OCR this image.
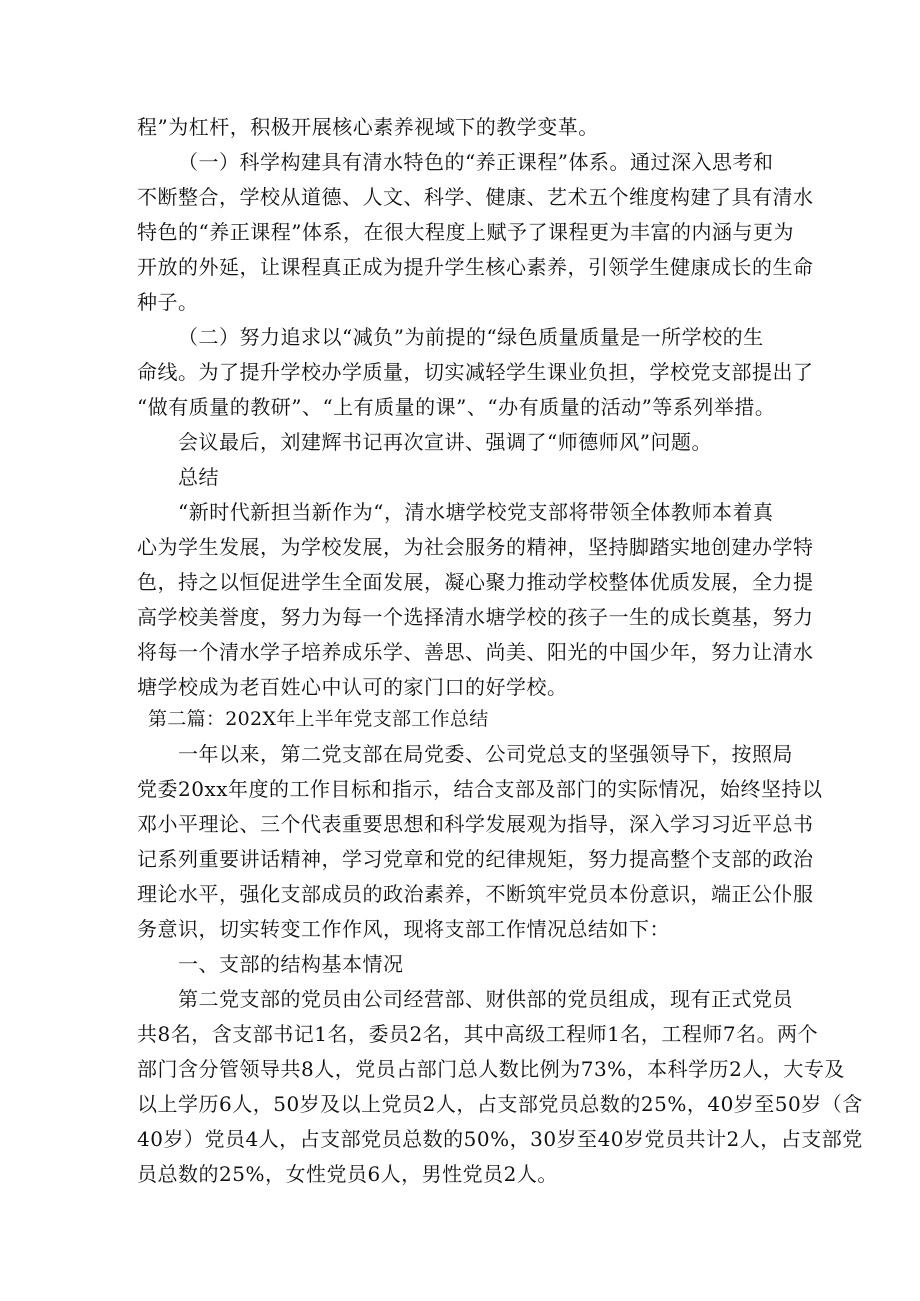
程”为杠杆，积极开展核心素养视域下的教学变革。
（一）科学构建具有清水特色的“养正课程”体系。通过深入思考和
不断整合，学校从道德、人文、科学、健康、艺术五个维度构建了具有清水
特色的“养正课程”体系，在很大程度上赋予了课程更为丰富的内涵与更为
开放的外延，让课程真正成为提升学生核心素养，引领学生健康成长的生命
种子。
（二）努力追求以“减负”为前提的“绿色质量质量是一所学校的生
命线。为了提升学校办学质量，切实减轻学生课业负担，学校党支部提出了
“做有质量的教研”、“上有质量的课”、“办有质量的活动”等系列举措。
会议最后，刘建辉书记再次宣讲、强调了“师德师风”问题。
总结
“新时代新担当新作为“，清水塘学校党支部将带领全体教师本着真
心为学生发展，为学校发展，为社会服务的精神，坚持脚踏实地创建办学特
色，持之以恒促进学生全面发展，凝心聚力推动学校整体优质发展，全力提
高学校美誉度，努力为每一个选择清水塘学校的孩子一生的成长奠基，努力
将每一个清水学子培养成乐学、善思、尚美、阳光的中国少年，努力让清水
塘学校成为老百姓心中认可的家门口的好学校。
第二篇：202X年上半年党支部工作总结
一年以来，第二党支部在局党委、公司党总支的坚强领导下，按照局
党委20xx年度的工作目标和指示，结合支部及部门的实际情况，始终坚持以
邓小平理论、三个代表重要思想和科学发展观为指导，深入学习习近平总书
记系列重要讲话精神，学习党章和党的纪律规矩，努力提高整个支部的政治
理论水平，强化支部成员的政治素养，不断筑牢党员本份意识，端正公仆服
务意识，切实转变工作作风，现将支部工作情况总结如下：
一、支部的结构基本情况
第二党支部的党员由公司经营部、财供部的党员组成，现有正式党员
共8名，含支部书记1名，委员2名，其中高级工程师1名，工程师7名。两个
部门含分管领导共8人，党员占部门总人数比例为73%，本科学历2人，大专及
以上学历6人，50岁及以上党员2人，占支部党员总数的25%，40岁至50岁（含
40岁）党员4人，占支部党员总数的50%，30岁至40岁党员共计2人，占支部党
员总数的25%，女性党员6人，男性党员2人。
